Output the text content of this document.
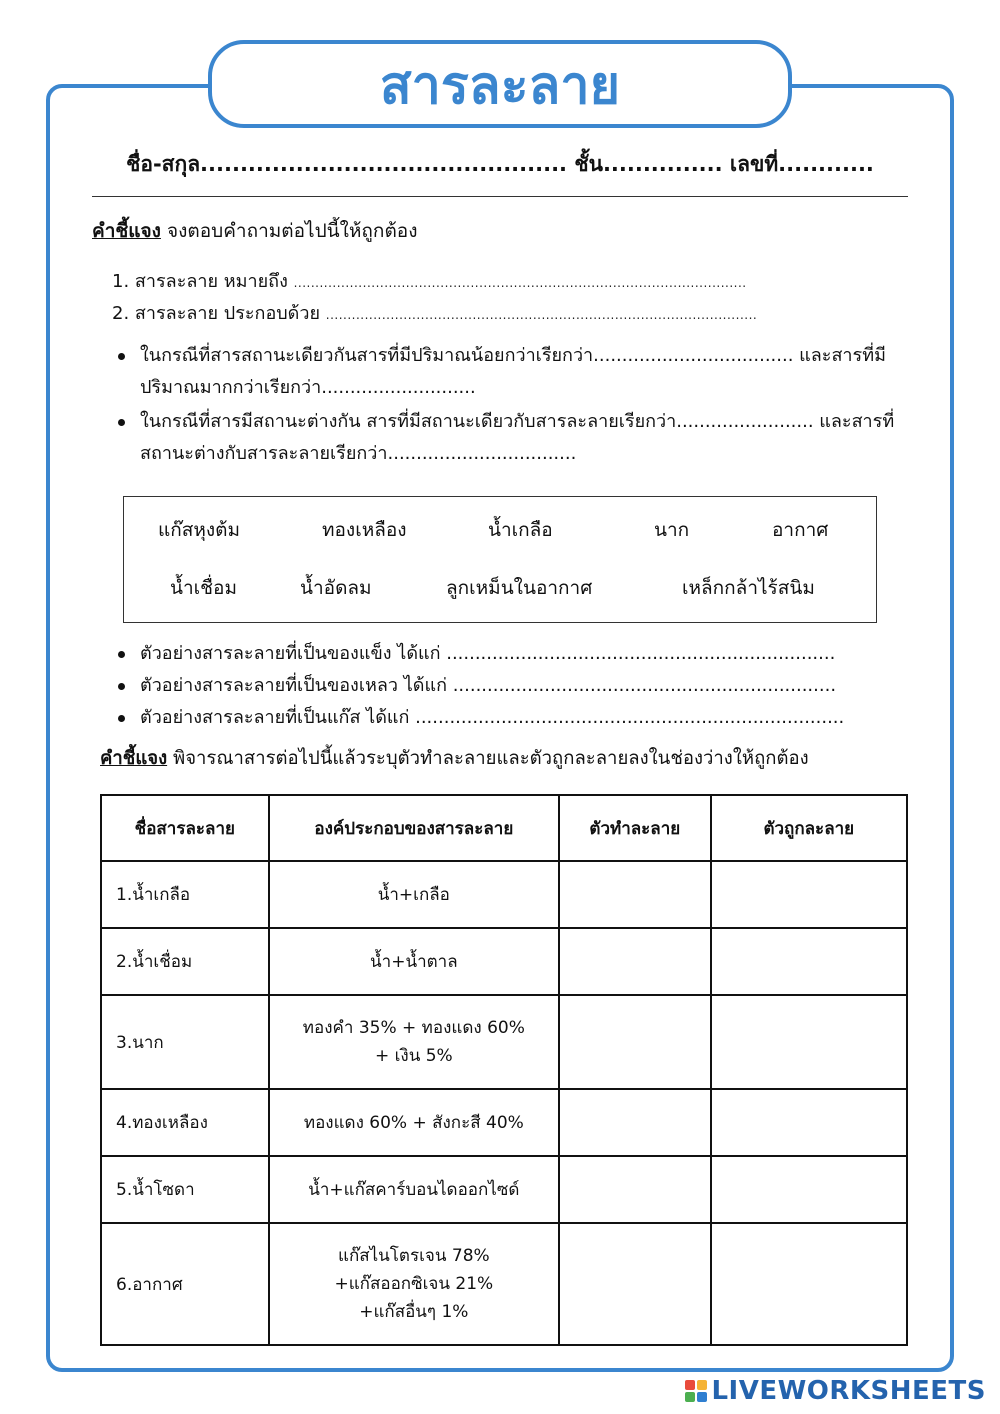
สารละลาย
ชื่อ-สกุล.............................................. ชั้น............... เลขที่............
คำชี้แจง จงตอบคำถามต่อไปนี้ให้ถูกต้อง
1. สารละลาย หมายถึง .........................................................................................................
2. สารละลาย ประกอบด้วย ....................................................................................................
ในกรณีที่สารสถานะเดียวกันสารที่มีปริมาณน้อยกว่าเรียกว่า................................... และสารที่มีปริมาณมากกว่าเรียกว่า...........................
ในกรณีที่สารมีสถานะต่างกัน สารที่มีสถานะเดียวกับสารละลายเรียกว่า........................ และสารที่สถานะต่างกับสารละลายเรียกว่า.................................
แก๊สหุงต้ม	ทองเหลือง	น้ำเกลือ	นาก	อากาศ
น้ำเชื่อม	น้ำอัดลม	ลูกเหม็นในอากาศ	เหล็กกล้าไร้สนิม
ตัวอย่างสารละลายที่เป็นของแข็ง ได้แก่ ....................................................................
ตัวอย่างสารละลายที่เป็นของเหลว ได้แก่ ...................................................................
ตัวอย่างสารละลายที่เป็นแก๊ส ได้แก่ ...........................................................................
คำชี้แจง พิจารณาสารต่อไปนี้แล้วระบุตัวทำละลายและตัวถูกละลายลงในช่องว่างให้ถูกต้อง
ชื่อสารละลาย	องค์ประกอบของสารละลาย	ตัวทำละลาย	ตัวถูกละลาย
1.น้ำเกลือ	น้ำ+เกลือ		

2.น้ำเชื่อม	น้ำ+น้ำตาล		

3.นาก	ทองคำ 35% + ทองแดง 60%
+ เงิน 5%		

4.ทองเหลือง	ทองแดง 60% + สังกะสี 40%		

5.น้ำโซดา	น้ำ+แก๊สคาร์บอนไดออกไซด์		

6.อากาศ	แก๊สไนโตรเจน 78%
+แก๊สออกซิเจน 21%
+แก๊สอื่นๆ 1%		

LIVEWORKSHEETS
